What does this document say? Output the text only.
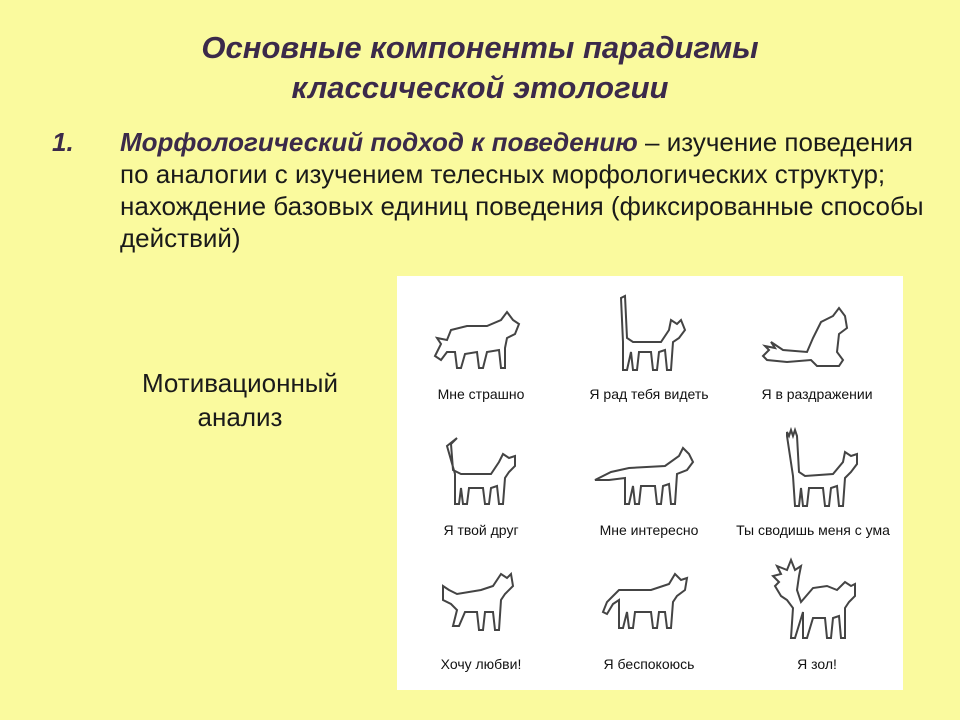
Основные компоненты парадигмы
классической этологии
1. Морфологический подход к поведению – изучение поведения по аналогии с изучением телесных морфологических структур; нахождение базовых единиц поведения (фиксированные способы действий)
Мотивационный
анализ
Мне страшно	Я рад тебя видеть	Я в раздражении
Я твой друг	Мне интересно	Ты сводишь меня с ума
Хочу любви!	Я беспокоюсь	Я зол!
